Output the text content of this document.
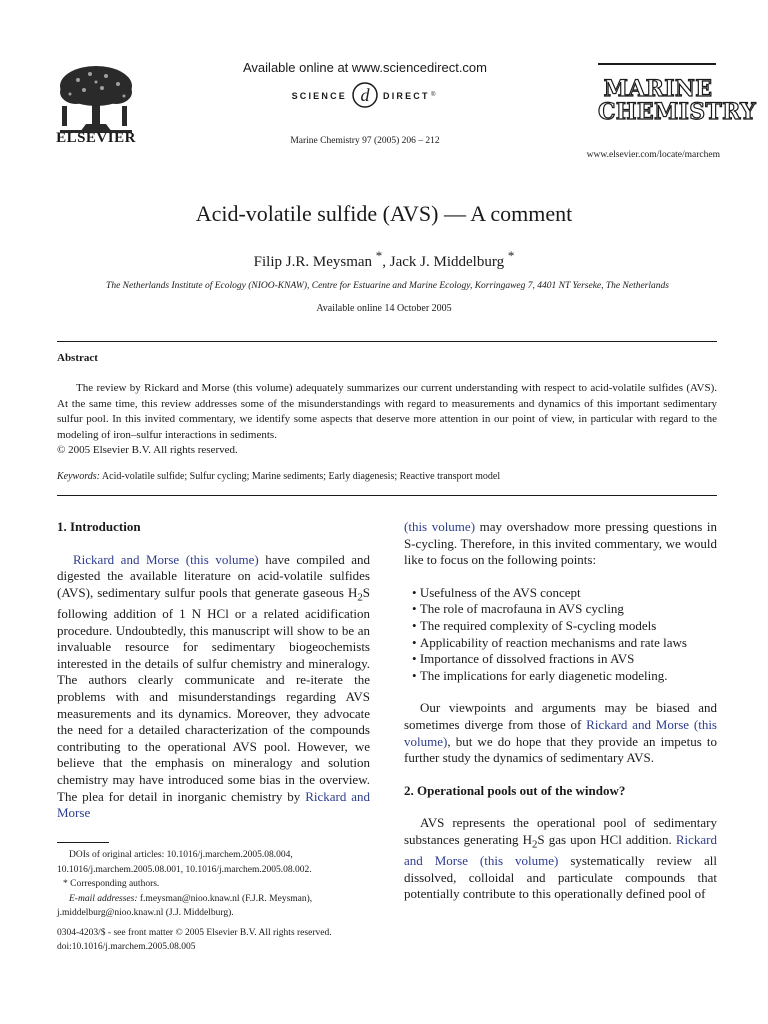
ELSEVIER
Available online at www.sciencedirect.com
SCIENCE d DIRECT ®
Marine Chemistry 97 (2005) 206 – 212
MARINE
CHEMISTRY
www.elsevier.com/locate/marchem
Acid-volatile sulfide (AVS) — A comment
Filip J.R. Meysman *, Jack J. Middelburg *
The Netherlands Institute of Ecology (NIOO-KNAW), Centre for Estuarine and Marine Ecology, Korringaweg 7, 4401 NT Yerseke, The Netherlands
Available online 14 October 2005
Abstract

The review by Rickard and Morse (this volume) adequately summarizes our current understanding with respect to acid-volatile sulfides (AVS). At the same time, this review addresses some of the misunderstandings with regard to measurements and dynamics of this important sedimentary sulfur pool. In this invited commentary, we identify some aspects that deserve more attention in our point of view, in particular with regard to the modeling of iron–sulfur interactions in sediments.

© 2005 Elsevier B.V. All rights reserved.
Keywords: Acid-volatile sulfide; Sulfur cycling; Marine sediments; Early diagenesis; Reactive transport model
1. Introduction

Rickard and Morse (this volume) have compiled and digested the available literature on acid-volatile sulfides (AVS), sedimentary sulfur pools that generate gaseous $H_2S$ following addition of 1 N HCl or a related acidification procedure. Undoubtedly, this manuscript will show to be an invaluable resource for sedimentary biogeochemists interested in the details of sulfur chemistry and mineralogy. The authors clearly communicate and re-iterate the problems with and misunderstandings regarding AVS measurements and its dynamics. Moreover, they advocate the need for a detailed characterization of the compounds contributing to the operational AVS pool. However, we believe that the emphasis on mineralogy and solution chemistry may have introduced some bias in the overview. The plea for detail in inorganic chemistry by Rickard and Morse

(this volume) may overshadow more pressing questions in S-cycling. Therefore, in this invited commentary, we would like to focus on the following points:

• Usefulness of the AVS concept
• The role of macrofauna in AVS cycling
• The required complexity of S-cycling models
• Applicability of reaction mechanisms and rate laws
• Importance of dissolved fractions in AVS
• The implications for early diagenetic modeling.

Our viewpoints and arguments may be biased and sometimes diverge from those of Rickard and Morse (this volume), but we do hope that they provide an impetus to further study the dynamics of sedimentary AVS.

2. Operational pools out of the window?

AVS represents the operational pool of sedimentary substances generating $H_2S$ gas upon HCl addition. Rickard and Morse (this volume) systematically review all dissolved, colloidal and particulate compounds that potentially contribute to this operationally defined pool of

DOIs of original articles: 10.1016/j.marchem.2005.08.004, 10.1016/j.marchem.2005.08.001, 10.1016/j.marchem.2005.08.002.

* Corresponding authors.

E-mail addresses: f.meysman@nioo.knaw.nl (F.J.R. Meysman),

j.middelburg@nioo.knaw.nl (J.J. Middelburg).

0304-4203/$ - see front matter © 2005 Elsevier B.V. All rights reserved.

doi:10.1016/j.marchem.2005.08.005
